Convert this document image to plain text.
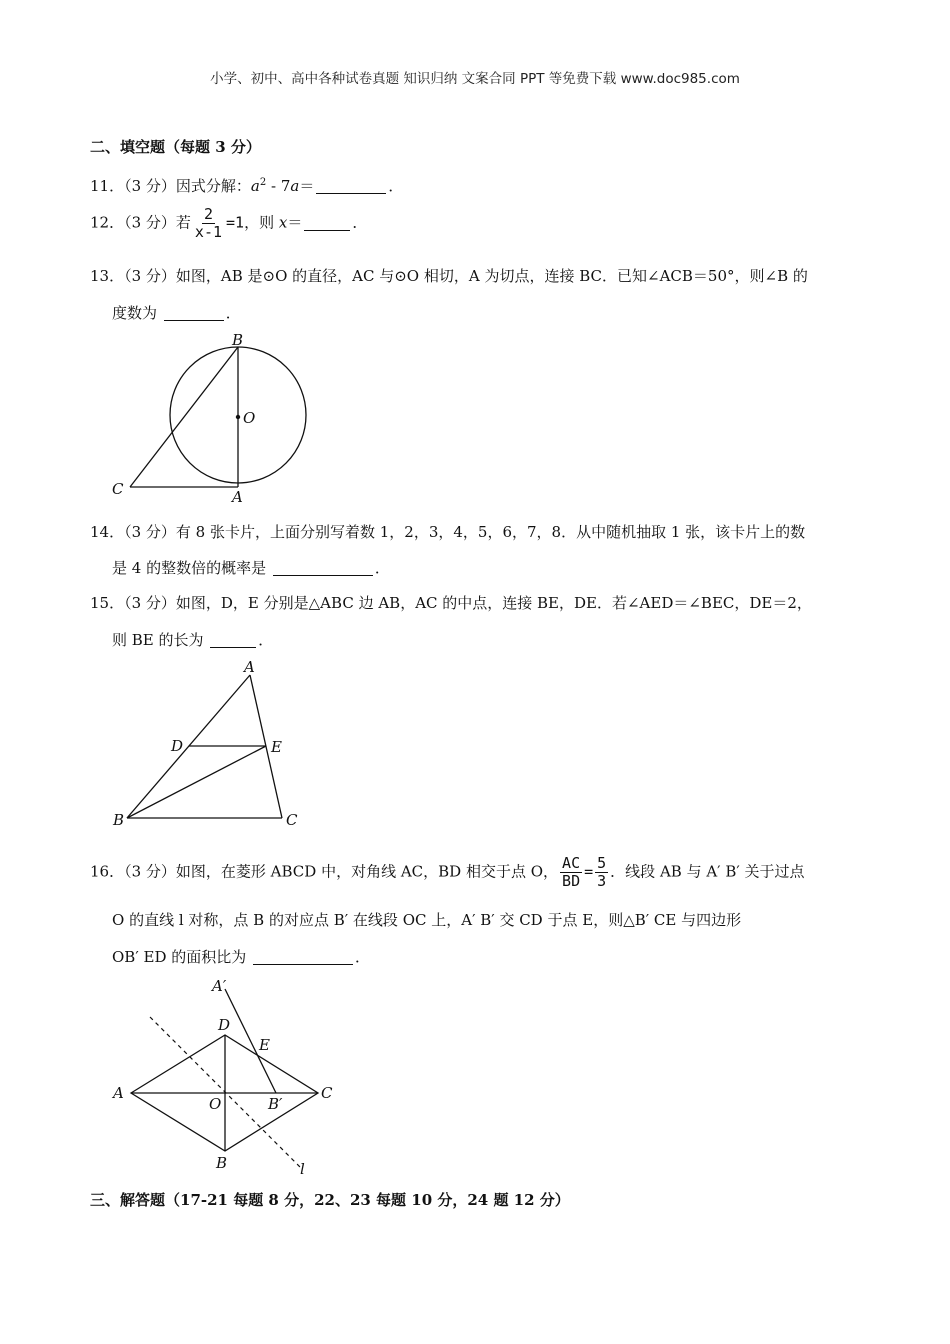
小学、初中、高中各种试卷真题 知识归纳 文案合同 PPT 等免费下载 www.doc985.com
二、填空题（每题 3 分）
11．（3 分）因式分解：$a^2$ ‑ 7a＝	．
12．（3 分）若 $\frac{2}{x-1} =1$，则 x＝	．
13．（3 分）如图，AB 是⊙O 的直径，AC 与⊙O 相切，A 为切点，连接 BC．已知∠ACB＝50°，则∠B 的
度数为	．
B
O
C	A
14．（3 分）有 8 张卡片，上面分别写着数 1，2，3，4，5，6，7，8．从中随机抽取 1 张，该卡片上的数
是 4 的整数倍的概率是	．
15．（3 分）如图，D，E 分别是△ABC 边 AB，AC 的中点，连接 BE，DE．若∠AED＝∠BEC，DE＝2，
则 BE 的长为	．
A
D	E
B	C
16．（3 分）如图，在菱形 ABCD 中，对角线 AC，BD 相交于点 O， $\frac{AC}{BD} = \frac{5}{3}$ ．线段 AB 与 A′ B′ 关于过点
O 的直线 l 对称，点 B 的对应点 B′ 在线段 OC 上，A′ B′ 交 CD 于点 E，则△B′ CE 与四边形
OB′ ED 的面积比为	．
A′
D
E
A
O	B′
C
B	l
三、解答题（17-21 每题 8 分，22、23 每题 10 分，24 题 12 分）
